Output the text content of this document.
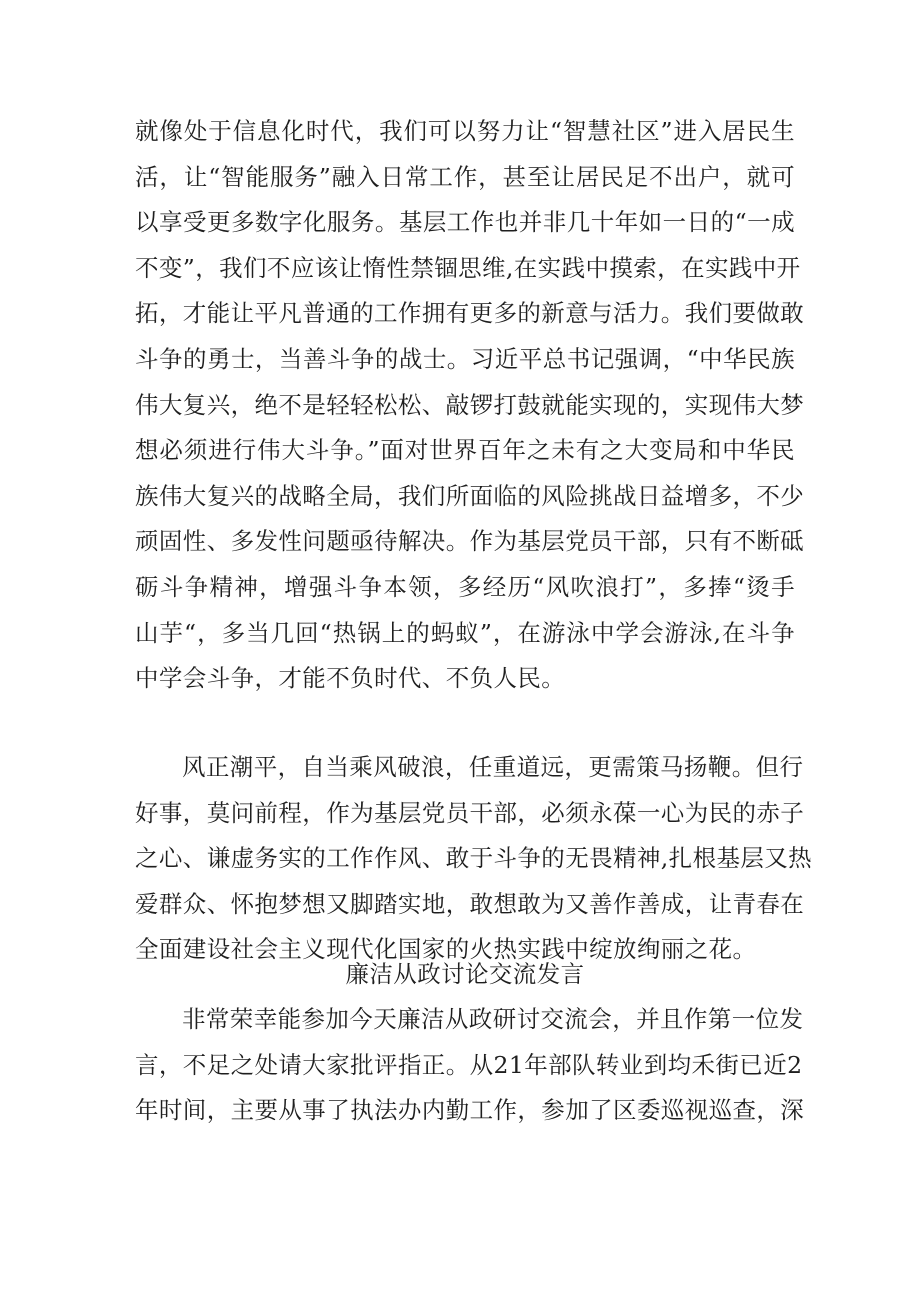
就像处于信息化时代，我们可以努力让“智慧社区”进入居民生
活，让“智能服务”融入日常工作，甚至让居民足不出户，就可
以享受更多数字化服务。基层工作也并非几十年如一日的“一成
不变”，我们不应该让惰性禁锢思维,在实践中摸索，在实践中开
拓，才能让平凡普通的工作拥有更多的新意与活力。我们要做敢
斗争的勇士，当善斗争的战士。习近平总书记强调，“中华民族
伟大复兴，绝不是轻轻松松、敲锣打鼓就能实现的，实现伟大梦
想必须进行伟大斗争。”面对世界百年之未有之大变局和中华民
族伟大复兴的战略全局，我们所面临的风险挑战日益增多，不少
顽固性、多发性问题亟待解决。作为基层党员干部，只有不断砥
砺斗争精神，增强斗争本领，多经历“风吹浪打”，多捧“烫手
山芋“，多当几回“热锅上的蚂蚁”，在游泳中学会游泳,在斗争
中学会斗争，才能不负时代、不负人民。
风正潮平，自当乘风破浪，任重道远，更需策马扬鞭。但行
好事，莫问前程，作为基层党员干部，必须永葆一心为民的赤子
之心、谦虚务实的工作作风、敢于斗争的无畏精神,扎根基层又热
爱群众、怀抱梦想又脚踏实地，敢想敢为又善作善成，让青春在
全面建设社会主义现代化国家的火热实践中绽放绚丽之花。
廉洁从政讨论交流发言
非常荣幸能参加今天廉洁从政研讨交流会，并且作第一位发
言，不足之处请大家批评指正。从21年部队转业到均禾街已近2
年时间，主要从事了执法办内勤工作，参加了区委巡视巡查，深
